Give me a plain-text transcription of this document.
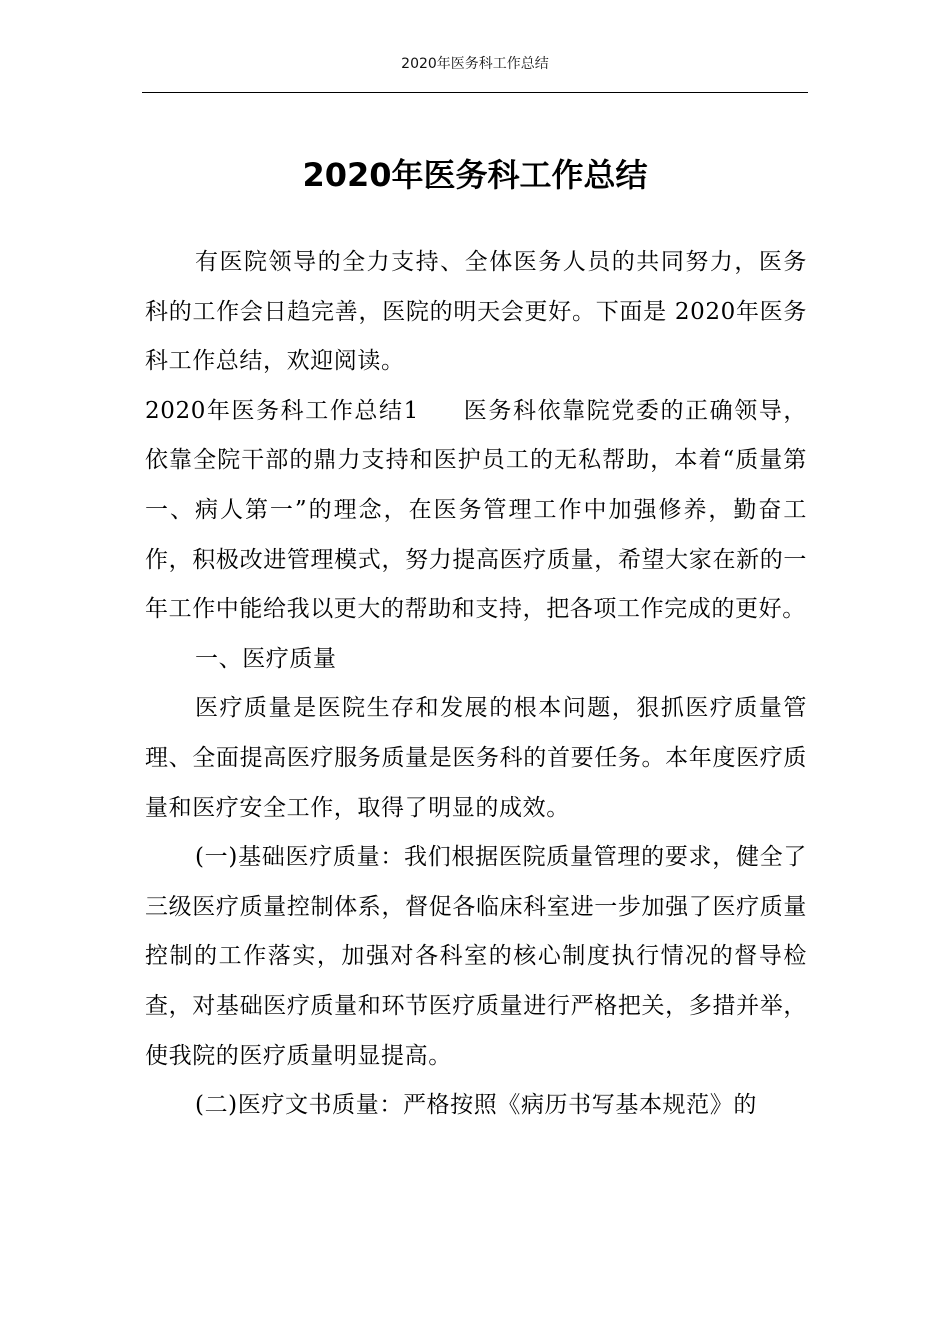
2020年医务科工作总结
2020年医务科工作总结

有医院领导的全力支持、全体医务人员的共同努力，医务科的工作会日趋完善，医院的明天会更好。下面是 2020年医务科工作总结，欢迎阅读。

2020年医务科工作总结1 医务科依靠院党委的正确领导，依靠全院干部的鼎力支持和医护员工的无私帮助，本着“质量第一、病人第一”的理念，在医务管理工作中加强修养，勤奋工作，积极改进管理模式，努力提高医疗质量，希望大家在新的一年工作中能给我以更大的帮助和支持，把各项工作完成的更好。

一、医疗质量

医疗质量是医院生存和发展的根本问题，狠抓医疗质量管理、全面提高医疗服务质量是医务科的首要任务。本年度医疗质量和医疗安全工作，取得了明显的成效。

(一)基础医疗质量：我们根据医院质量管理的要求，健全了三级医疗质量控制体系，督促各临床科室进一步加强了医疗质量控制的工作落实，加强对各科室的核心制度执行情况的督导检查，对基础医疗质量和环节医疗质量进行严格把关，多措并举，使我院的医疗质量明显提高。

(二)医疗文书质量：严格按照《病历书写基本规范》的
